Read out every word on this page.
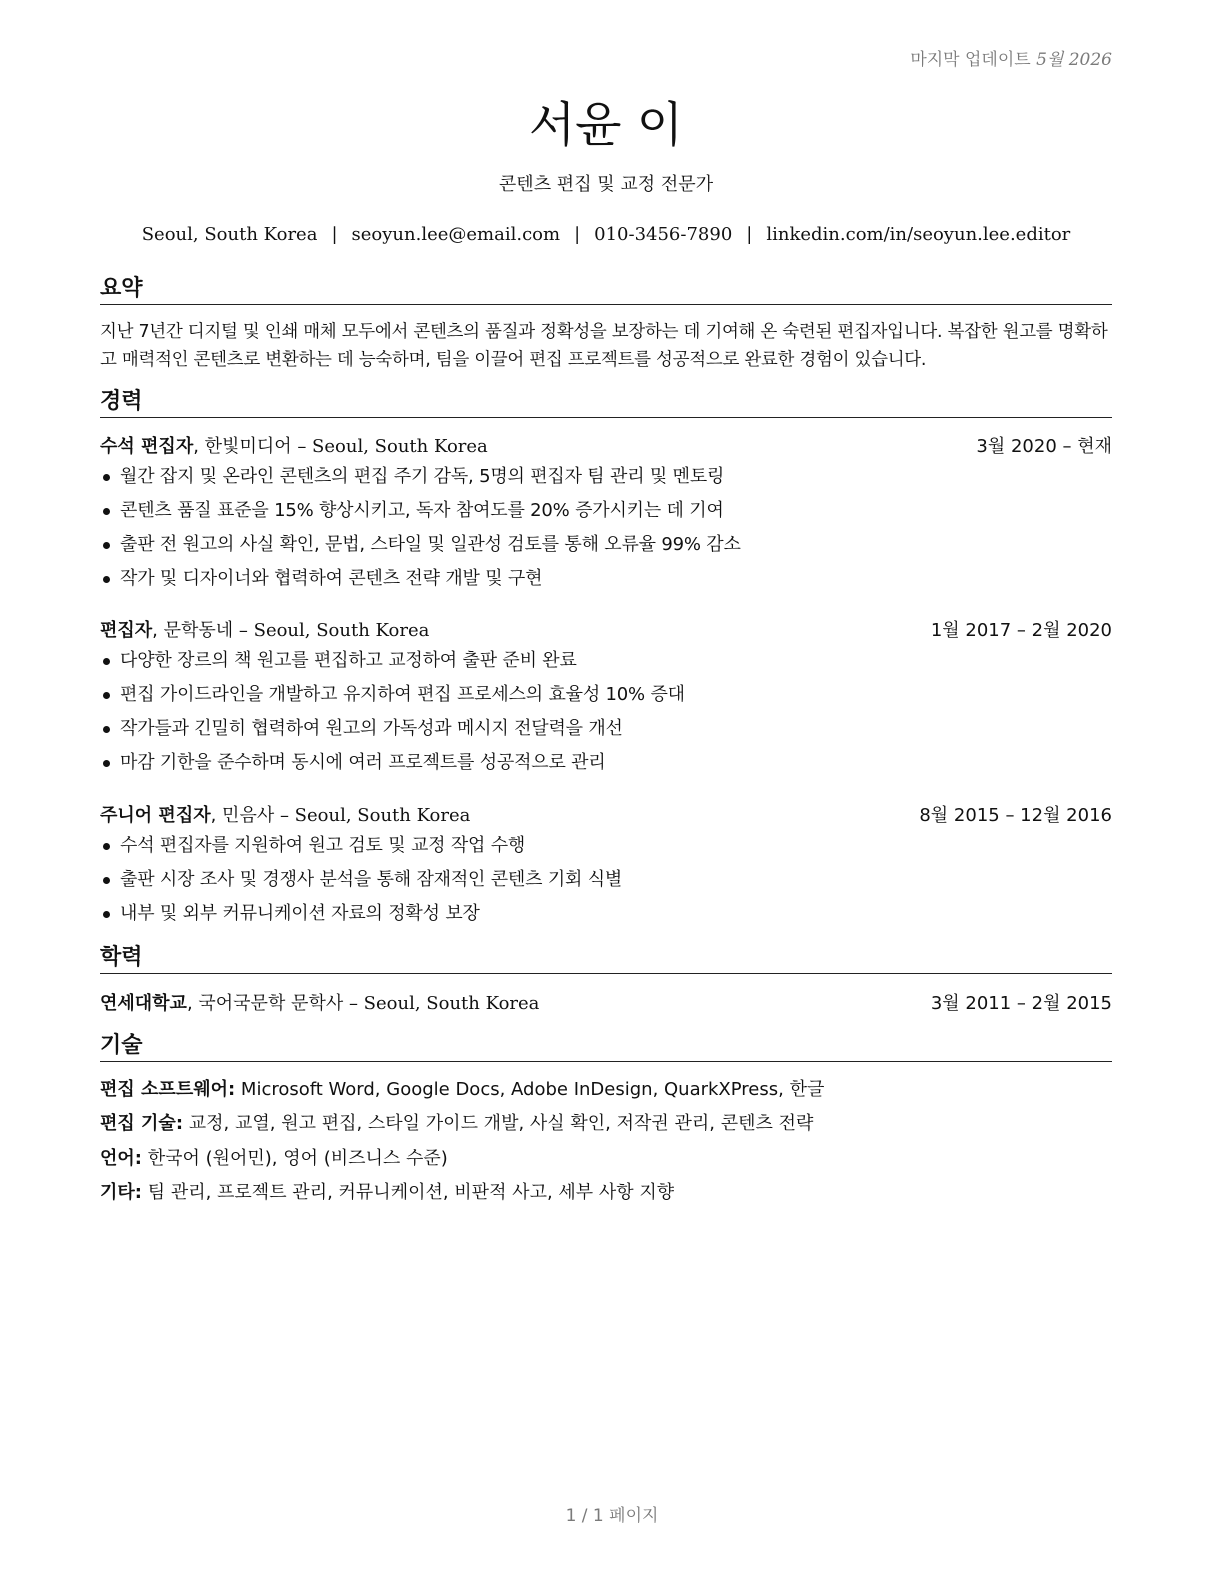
마지막 업데이트 5월 2026
서윤 이
콘텐츠 편집 및 교정 전문가
Seoul, South Korea | seoyun.lee@email.com | 010-3456-7890 | linkedin.com/in/seoyun.lee.editor
요약
지난 7년간 디지털 및 인쇄 매체 모두에서 콘텐츠의 품질과 정확성을 보장하는 데 기여해 온 숙련된 편집자입니다. 복잡한 원고를 명확하고 매력적인 콘텐츠로 변환하는 데 능숙하며, 팀을 이끌어 편집 프로젝트를 성공적으로 완료한 경험이 있습니다.
경력
수석 편집자, 한빛미디어 – Seoul, South Korea	3월 2020 – 현재
월간 잡지 및 온라인 콘텐츠의 편집 주기 감독, 5명의 편집자 팀 관리 및 멘토링
콘텐츠 품질 표준을 15% 향상시키고, 독자 참여도를 20% 증가시키는 데 기여
출판 전 원고의 사실 확인, 문법, 스타일 및 일관성 검토를 통해 오류율 99% 감소
작가 및 디자이너와 협력하여 콘텐츠 전략 개발 및 구현
편집자, 문학동네 – Seoul, South Korea	1월 2017 – 2월 2020
다양한 장르의 책 원고를 편집하고 교정하여 출판 준비 완료
편집 가이드라인을 개발하고 유지하여 편집 프로세스의 효율성 10% 증대
작가들과 긴밀히 협력하여 원고의 가독성과 메시지 전달력을 개선
마감 기한을 준수하며 동시에 여러 프로젝트를 성공적으로 관리
주니어 편집자, 민음사 – Seoul, South Korea	8월 2015 – 12월 2016
수석 편집자를 지원하여 원고 검토 및 교정 작업 수행
출판 시장 조사 및 경쟁사 분석을 통해 잠재적인 콘텐츠 기회 식별
내부 및 외부 커뮤니케이션 자료의 정확성 보장
학력
연세대학교, 국어국문학 문학사 – Seoul, South Korea	3월 2011 – 2월 2015
기술
편집 소프트웨어: Microsoft Word, Google Docs, Adobe InDesign, QuarkXPress, 한글
편집 기술: 교정, 교열, 원고 편집, 스타일 가이드 개발, 사실 확인, 저작권 관리, 콘텐츠 전략
언어: 한국어 (원어민), 영어 (비즈니스 수준)
기타: 팀 관리, 프로젝트 관리, 커뮤니케이션, 비판적 사고, 세부 사항 지향
1 / 1 페이지
